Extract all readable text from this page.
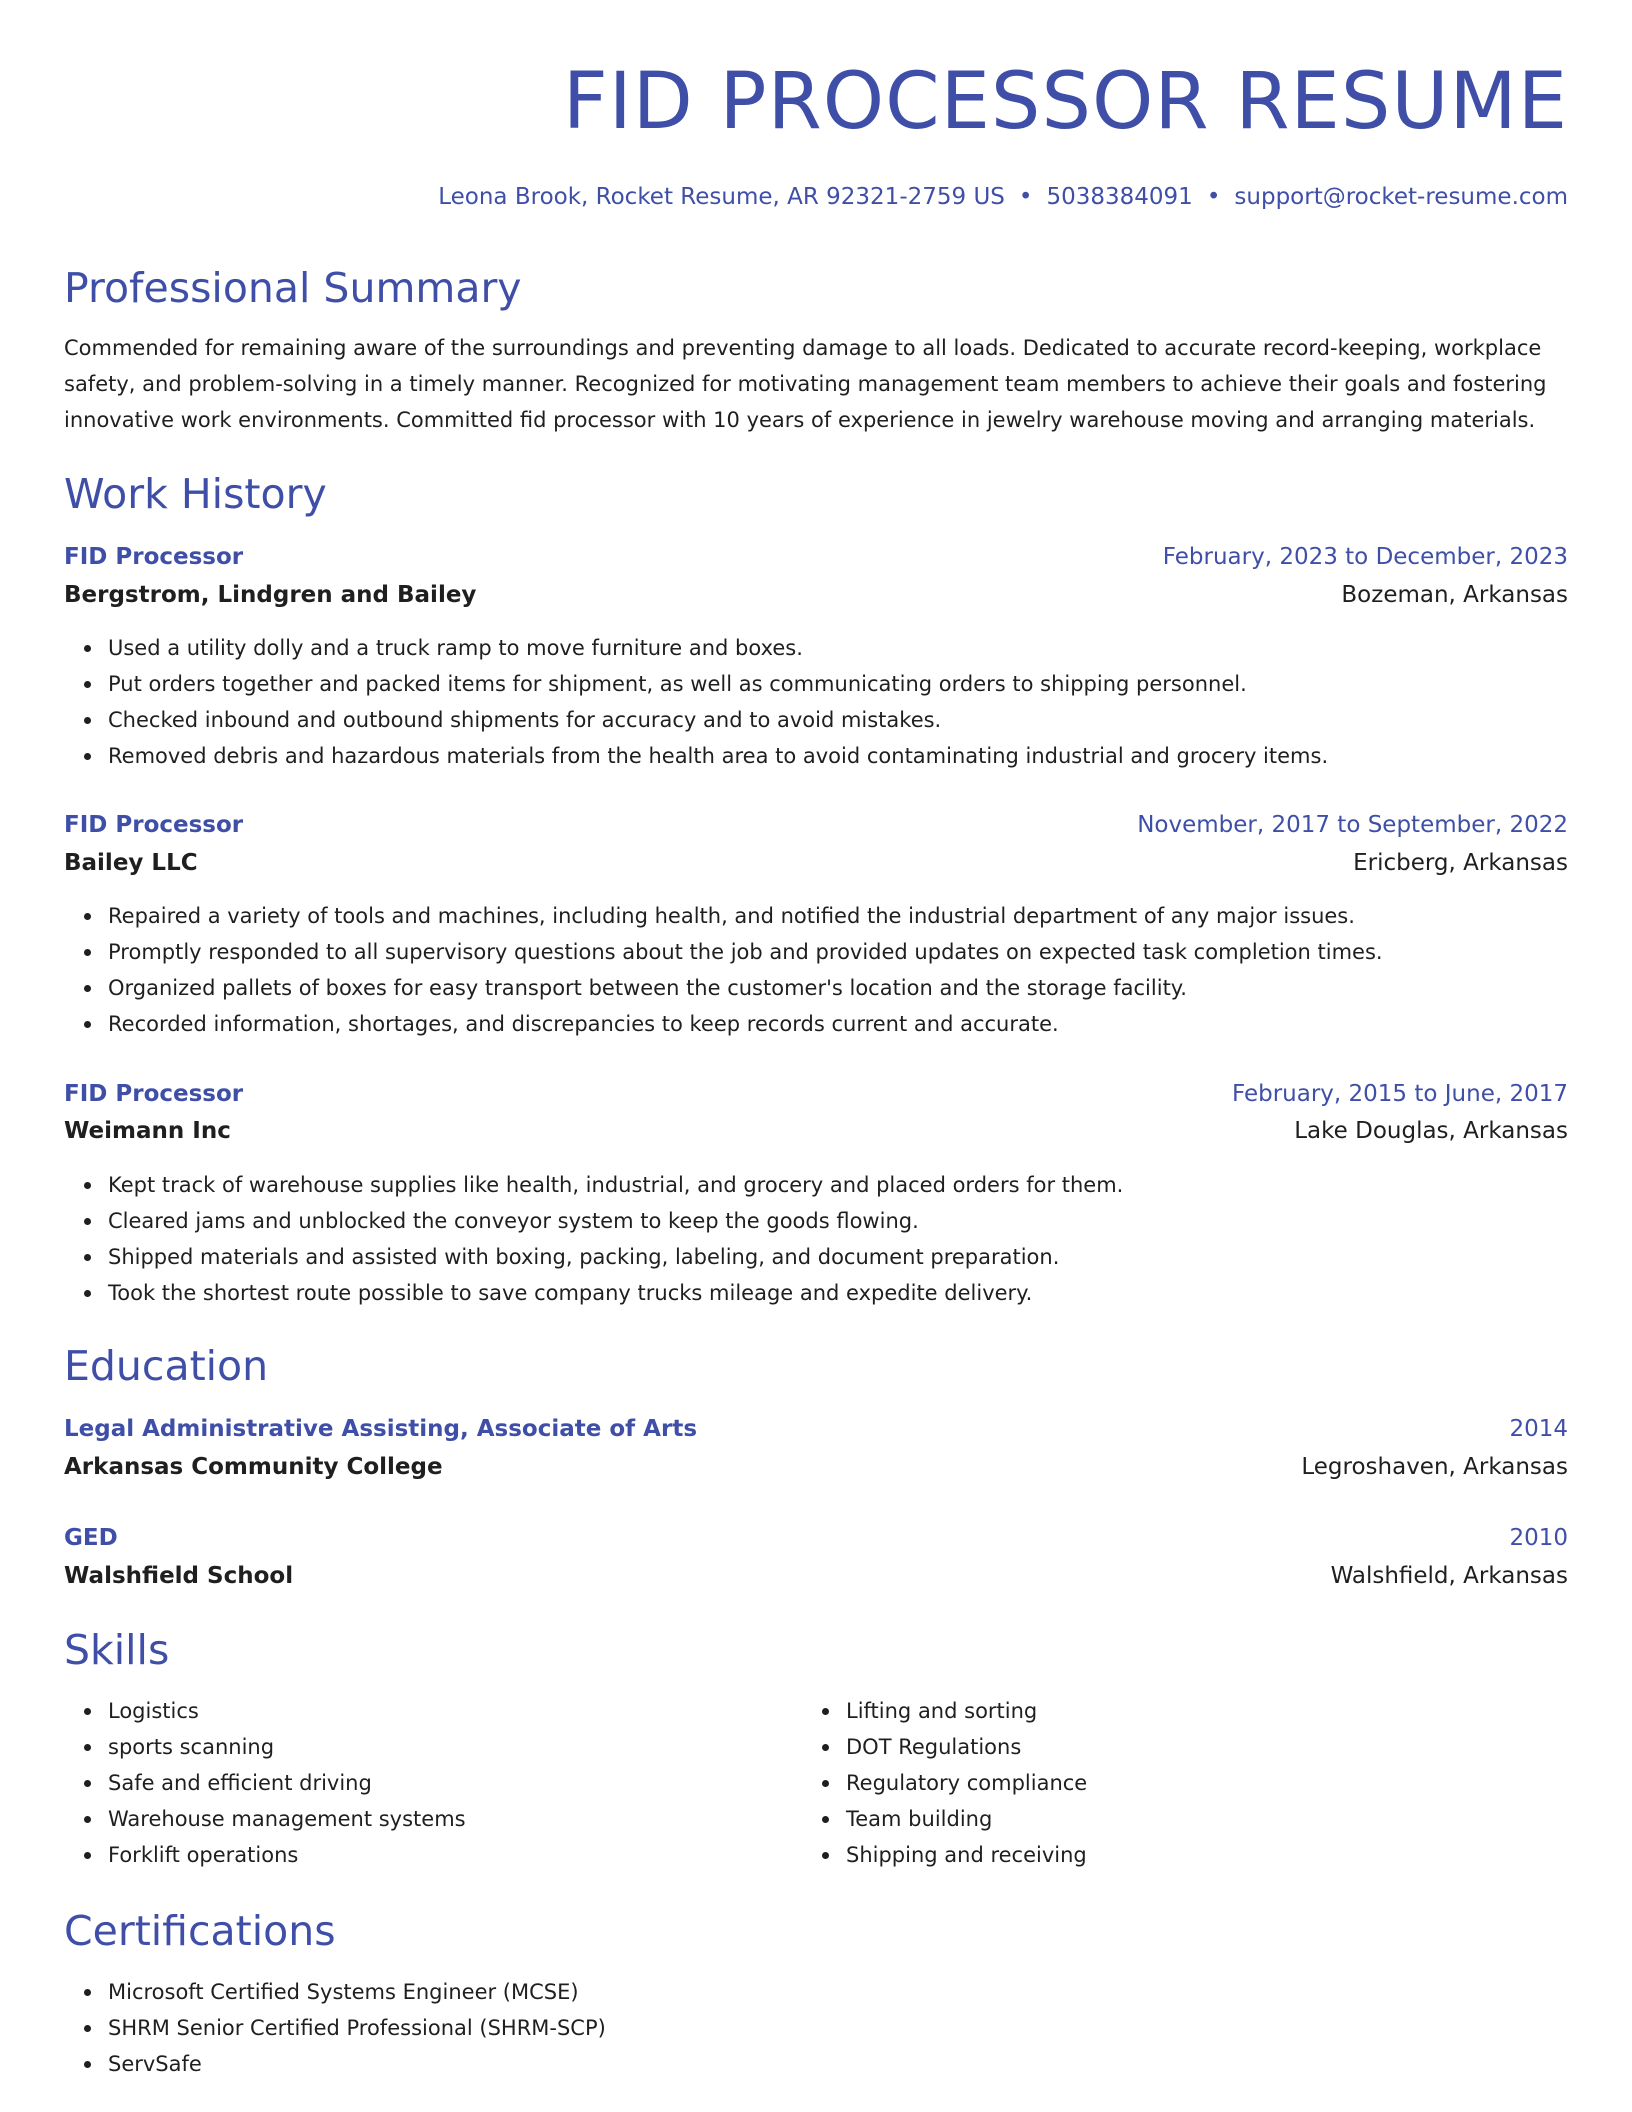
FID PROCESSOR RESUME
Leona Brook, Rocket Resume, AR 92321-2759 US • 5038384091 • support@rocket-resume.com
Professional Summary
Commended for remaining aware of the surroundings and preventing damage to all loads. Dedicated to accurate record-keeping, workplace safety, and problem-solving in a timely manner. Recognized for motivating management team members to achieve their goals and fostering innovative work environments. Committed fid processor with 10 years of experience in jewelry warehouse moving and arranging materials.
Work History
FID Processor	February, 2023 to December, 2023
Bergstrom, Lindgren and Bailey	Bozeman, Arkansas
Used a utility dolly and a truck ramp to move furniture and boxes.
Put orders together and packed items for shipment, as well as communicating orders to shipping personnel.
Checked inbound and outbound shipments for accuracy and to avoid mistakes.
Removed debris and hazardous materials from the health area to avoid contaminating industrial and grocery items.
FID Processor	November, 2017 to September, 2022
Bailey LLC	Ericberg, Arkansas
Repaired a variety of tools and machines, including health, and notified the industrial department of any major issues.
Promptly responded to all supervisory questions about the job and provided updates on expected task completion times.
Organized pallets of boxes for easy transport between the customer's location and the storage facility.
Recorded information, shortages, and discrepancies to keep records current and accurate.
FID Processor	February, 2015 to June, 2017
Weimann Inc	Lake Douglas, Arkansas
Kept track of warehouse supplies like health, industrial, and grocery and placed orders for them.
Cleared jams and unblocked the conveyor system to keep the goods flowing.
Shipped materials and assisted with boxing, packing, labeling, and document preparation.
Took the shortest route possible to save company trucks mileage and expedite delivery.
Education
Legal Administrative Assisting, Associate of Arts	2014
Arkansas Community College	Legroshaven, Arkansas
GED	2010
Walshfield School	Walshfield, Arkansas
Skills
Logistics
sports scanning
Safe and efficient driving
Warehouse management systems
Forklift operations
Lifting and sorting
DOT Regulations
Regulatory compliance
Team building
Shipping and receiving
Certifications
Microsoft Certified Systems Engineer (MCSE)
SHRM Senior Certified Professional (SHRM-SCP)
ServSafe
